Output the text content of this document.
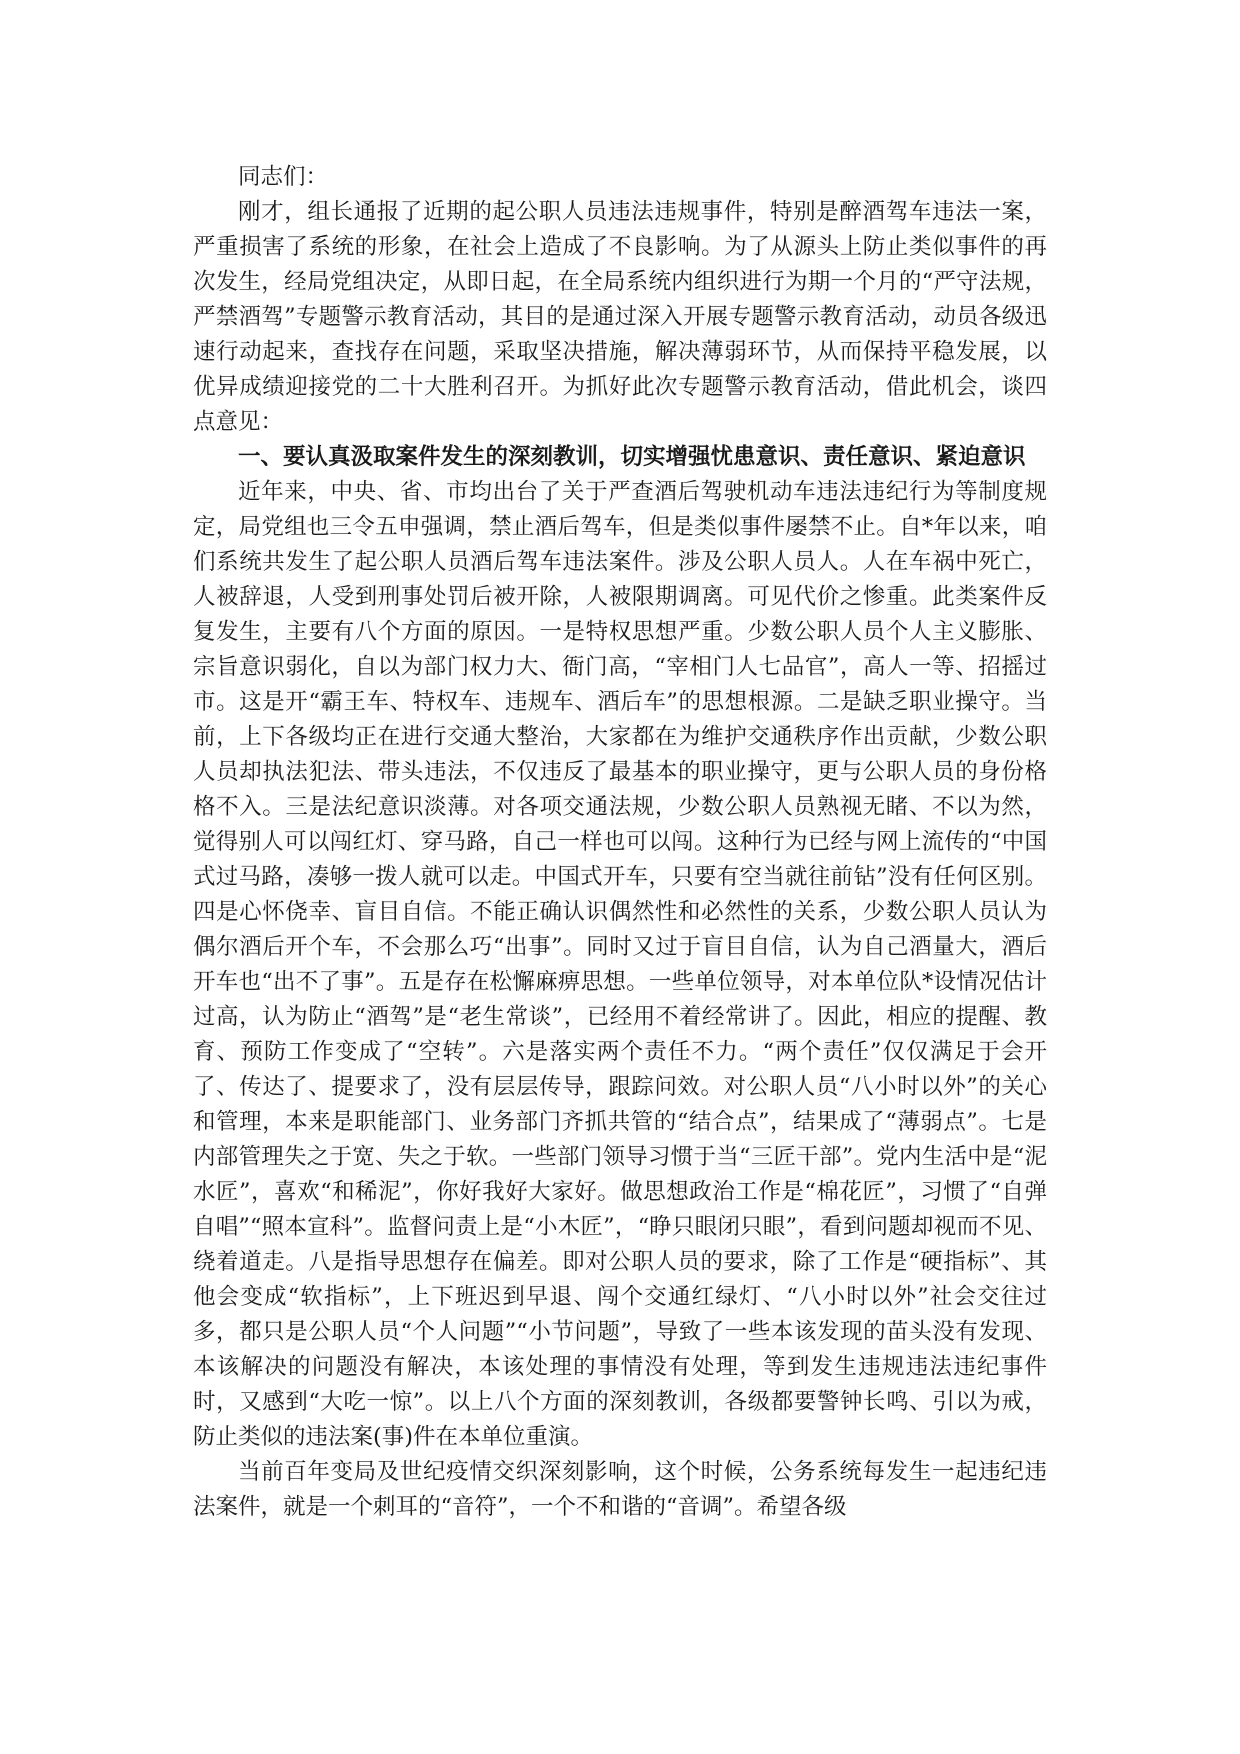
同志们：

刚才，组长通报了近期的起公职人员违法违规事件，特别是醉酒驾车违法一案，严重损害了系统的形象，在社会上造成了不良影响。为了从源头上防止类似事件的再次发生，经局党组决定，从即日起，在全局系统内组织进行为期一个月的“严守法规，严禁酒驾”专题警示教育活动，其目的是通过深入开展专题警示教育活动，动员各级迅速行动起来，查找存在问题，采取坚决措施，解决薄弱环节，从而保持平稳发展，以优异成绩迎接党的二十大胜利召开。为抓好此次专题警示教育活动，借此机会，谈四点意见：

一、要认真汲取案件发生的深刻教训，切实增强忧患意识、责任意识、紧迫意识

近年来，中央、省、市均出台了关于严查酒后驾驶机动车违法违纪行为等制度规定，局党组也三令五申强调，禁止酒后驾车，但是类似事件屡禁不止。自*年以来，咱们系统共发生了起公职人员酒后驾车违法案件。涉及公职人员人。人在车祸中死亡，人被辞退，人受到刑事处罚后被开除，人被限期调离。可见代价之惨重。此类案件反复发生，主要有八个方面的原因。一是特权思想严重。少数公职人员个人主义膨胀、宗旨意识弱化，自以为部门权力大、衙门高，“宰相门人七品官”，高人一等、招摇过市。这是开“霸王车、特权车、违规车、酒后车”的思想根源。二是缺乏职业操守。当前，上下各级均正在进行交通大整治，大家都在为维护交通秩序作出贡献，少数公职人员却执法犯法、带头违法，不仅违反了最基本的职业操守，更与公职人员的身份格格不入。三是法纪意识淡薄。对各项交通法规，少数公职人员熟视无睹、不以为然，觉得别人可以闯红灯、穿马路，自己一样也可以闯。这种行为已经与网上流传的“中国式过马路，凑够一拨人就可以走。中国式开车，只要有空当就往前钻”没有任何区别。四是心怀侥幸、盲目自信。不能正确认识偶然性和必然性的关系，少数公职人员认为偶尔酒后开个车，不会那么巧“出事”。同时又过于盲目自信，认为自己酒量大，酒后开车也“出不了事”。五是存在松懈麻痹思想。一些单位领导，对本单位队*设情况估计过高，认为防止“酒驾”是“老生常谈”，已经用不着经常讲了。因此，相应的提醒、教育、预防工作变成了“空转”。六是落实两个责任不力。“两个责任”仅仅满足于会开了、传达了、提要求了，没有层层传导，跟踪问效。对公职人员“八小时以外”的关心和管理，本来是职能部门、业务部门齐抓共管的“结合点”，结果成了“薄弱点”。七是内部管理失之于宽、失之于软。一些部门领导习惯于当“三匠干部”。党内生活中是“泥水匠”，喜欢“和稀泥”，你好我好大家好。做思想政治工作是“棉花匠”，习惯了“自弹自唱”“照本宣科”。监督问责上是“小木匠”，“睁只眼闭只眼”，看到问题却视而不见、绕着道走。八是指导思想存在偏差。即对公职人员的要求，除了工作是“硬指标”、其他会变成“软指标”，上下班迟到早退、闯个交通红绿灯、“八小时以外”社会交往过多，都只是公职人员“个人问题”“小节问题”，导致了一些本该发现的苗头没有发现、本该解决的问题没有解决，本该处理的事情没有处理，等到发生违规违法违纪事件时，又感到“大吃一惊”。以上八个方面的深刻教训，各级都要警钟长鸣、引以为戒，防止类似的违法案(事)件在本单位重演。

当前百年变局及世纪疫情交织深刻影响，这个时候，公务系统每发生一起违纪违法案件，就是一个刺耳的“音符”，一个不和谐的“音调”。希望各级
